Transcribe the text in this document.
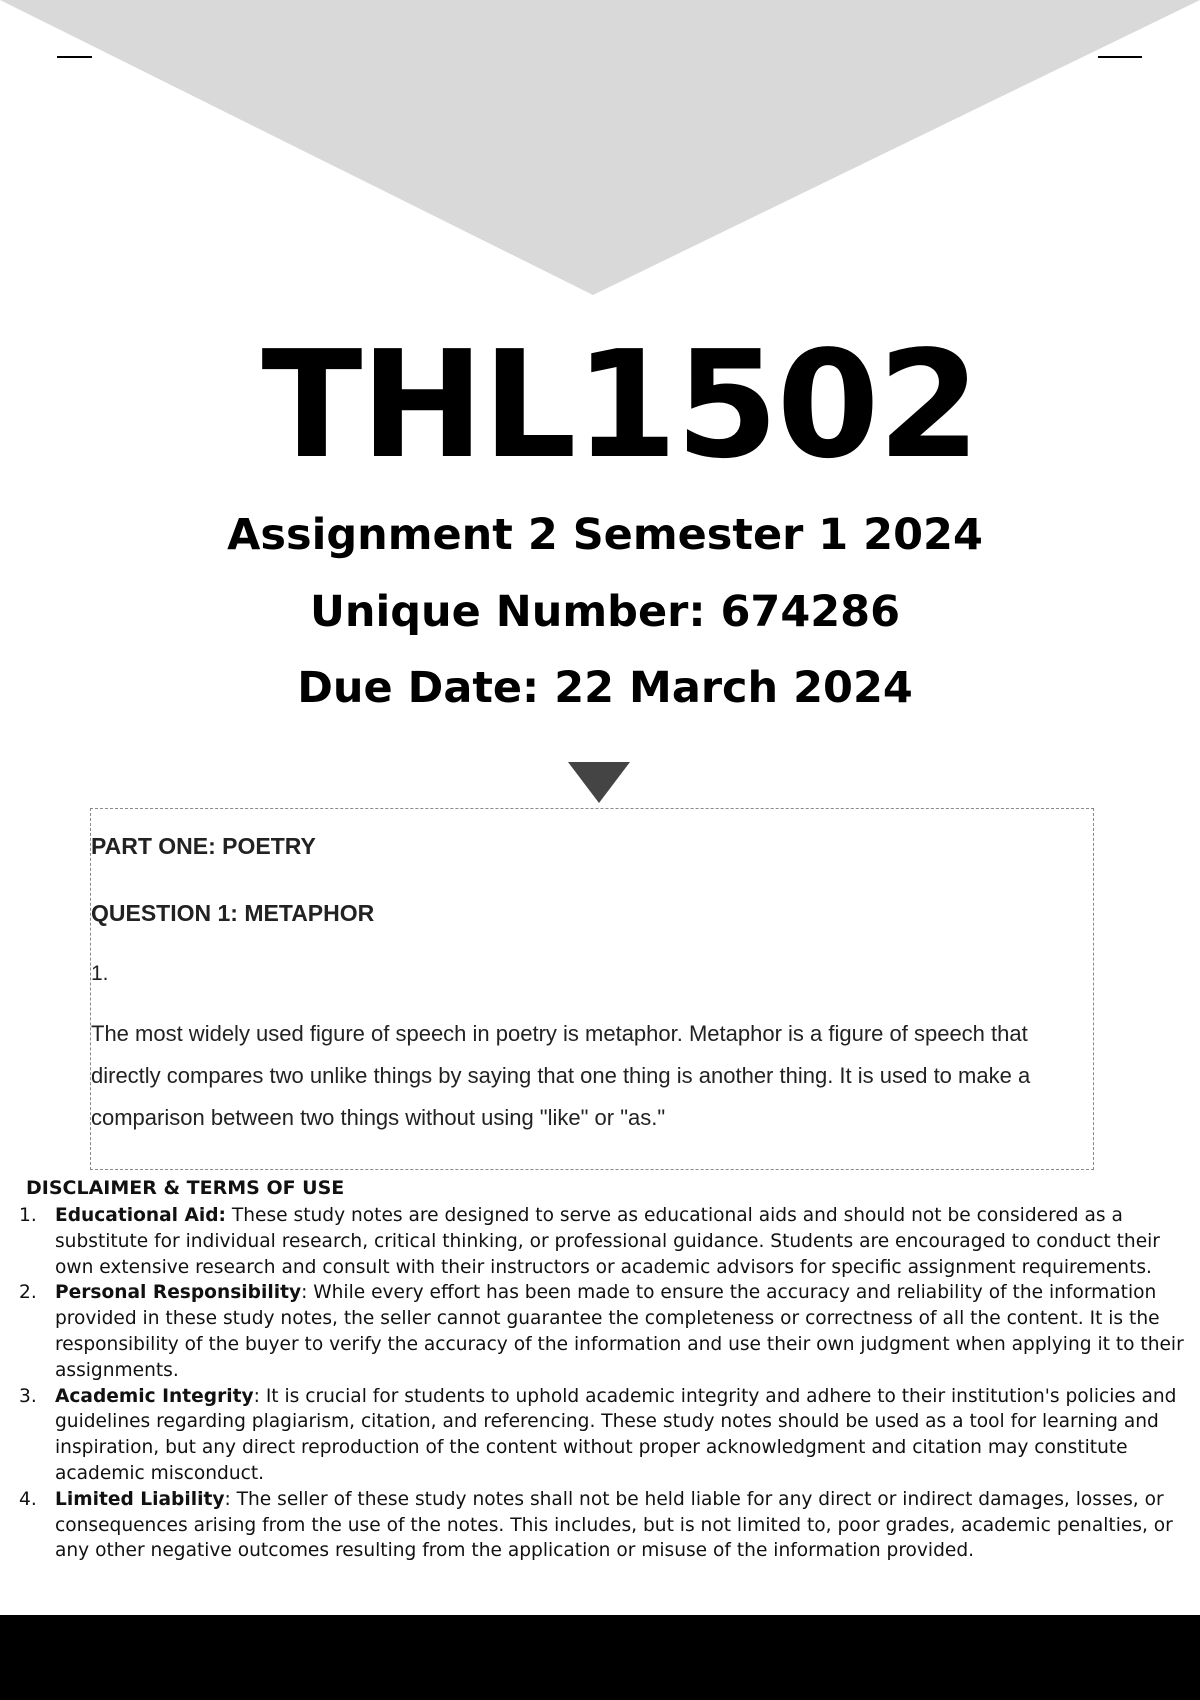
THL1502
Assignment 2 Semester 1 2024
Unique Number: 674286
Due Date: 22 March 2024
PART ONE: POETRY
QUESTION 1: METAPHOR
1.

The most widely used figure of speech in poetry is metaphor. Metaphor is a figure of speech that directly compares two unlike things by saying that one thing is another thing. It is used to make a comparison between two things without using "like" or "as."

DISCLAIMER & TERMS OF USE
1. Educational Aid: These study notes are designed to serve as educational aids and should not be considered as a substitute for individual research, critical thinking, or professional guidance. Students are encouraged to conduct their own extensive research and consult with their instructors or academic advisors for specific assignment requirements.
2. Personal Responsibility: While every effort has been made to ensure the accuracy and reliability of the information provided in these study notes, the seller cannot guarantee the completeness or correctness of all the content. It is the responsibility of the buyer to verify the accuracy of the information and use their own judgment when applying it to their assignments.
3. Academic Integrity: It is crucial for students to uphold academic integrity and adhere to their institution's policies and guidelines regarding plagiarism, citation, and referencing. These study notes should be used as a tool for learning and inspiration, but any direct reproduction of the content without proper acknowledgment and citation may constitute academic misconduct.
4. Limited Liability: The seller of these study notes shall not be held liable for any direct or indirect damages, losses, or consequences arising from the use of the notes. This includes, but is not limited to, poor grades, academic penalties, or any other negative outcomes resulting from the application or misuse of the information provided.
